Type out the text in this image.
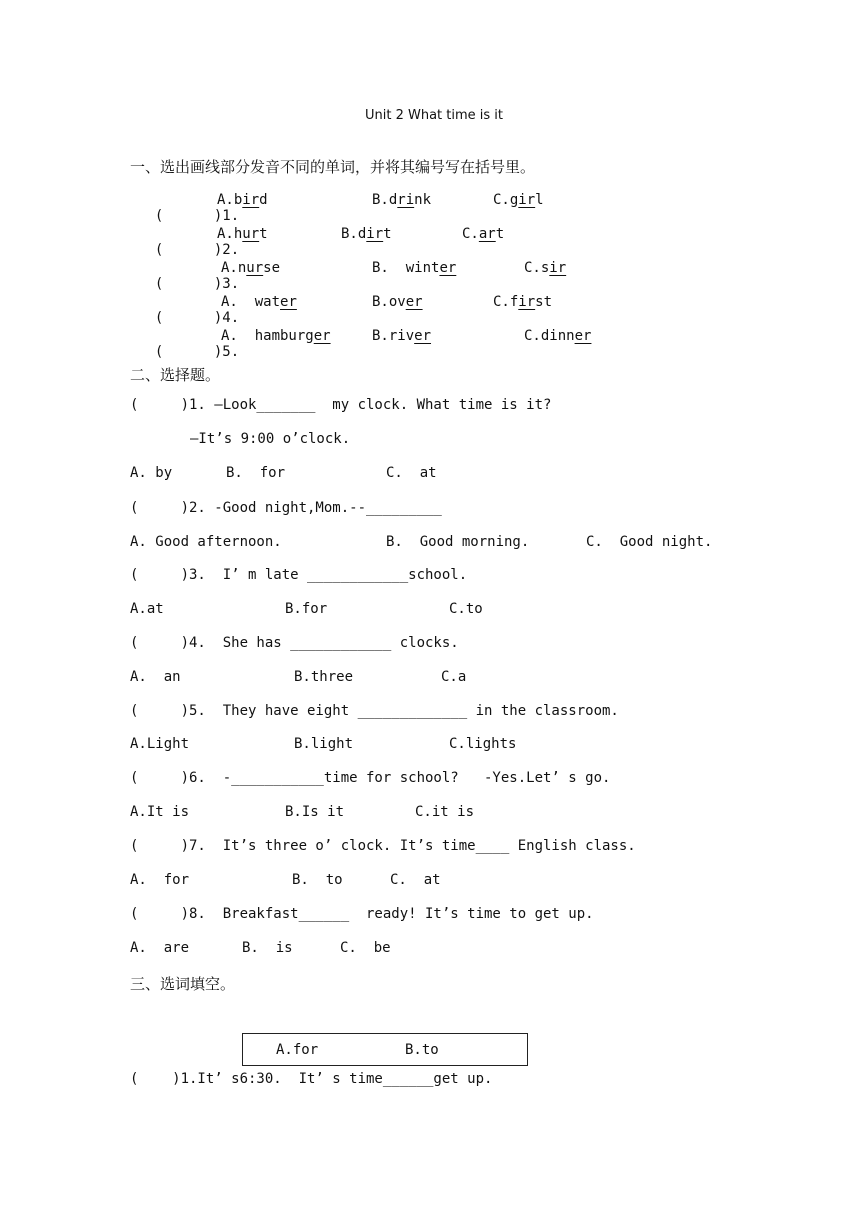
Unit 2 What time is it
一、选出画线部分发音不同的单词，并将其编号写在括号里。

(      )1.

A.bird	B.drink	C.girl

(      )2.

A.hurt	B.dirt	C.art

(      )3.

A.nurse	B.  winter	C.sir

(      )4.

A.  water	B.over	C.first

(      )5.

A.  hamburger	B.river	C.dinner
二、选择题。
(     )1. —Look_______  my clock. What time is it?
—It’s 9:00 o’clock.
A. by	B.  for	C.  at
(     )2. -Good night,Mom.--_________
A. Good afternoon.	B.  Good morning.	C.  Good night.
(     )3.  I’ m late ____________school.
A.at	B.for	C.to
(     )4.  She has ____________ clocks.
A.  an	B.three	C.a
(     )5.  They have eight _____________ in the classroom.
A.Light	B.light	C.lights
(     )6.  -___________time for school?   -Yes.Let’ s go.
A.It is	B.Is it	C.it is
(     )7.  It’s three o’ clock. It’s time____ English class.
A.  for	B.  to	C.  at
(     )8.  Breakfast______  ready! It’s time to get up.
A.  are	B.  is	C.  be
三、选词填空。
A.for	B.to
(    )1.It’ s6:30.  It’ s time______get up.
